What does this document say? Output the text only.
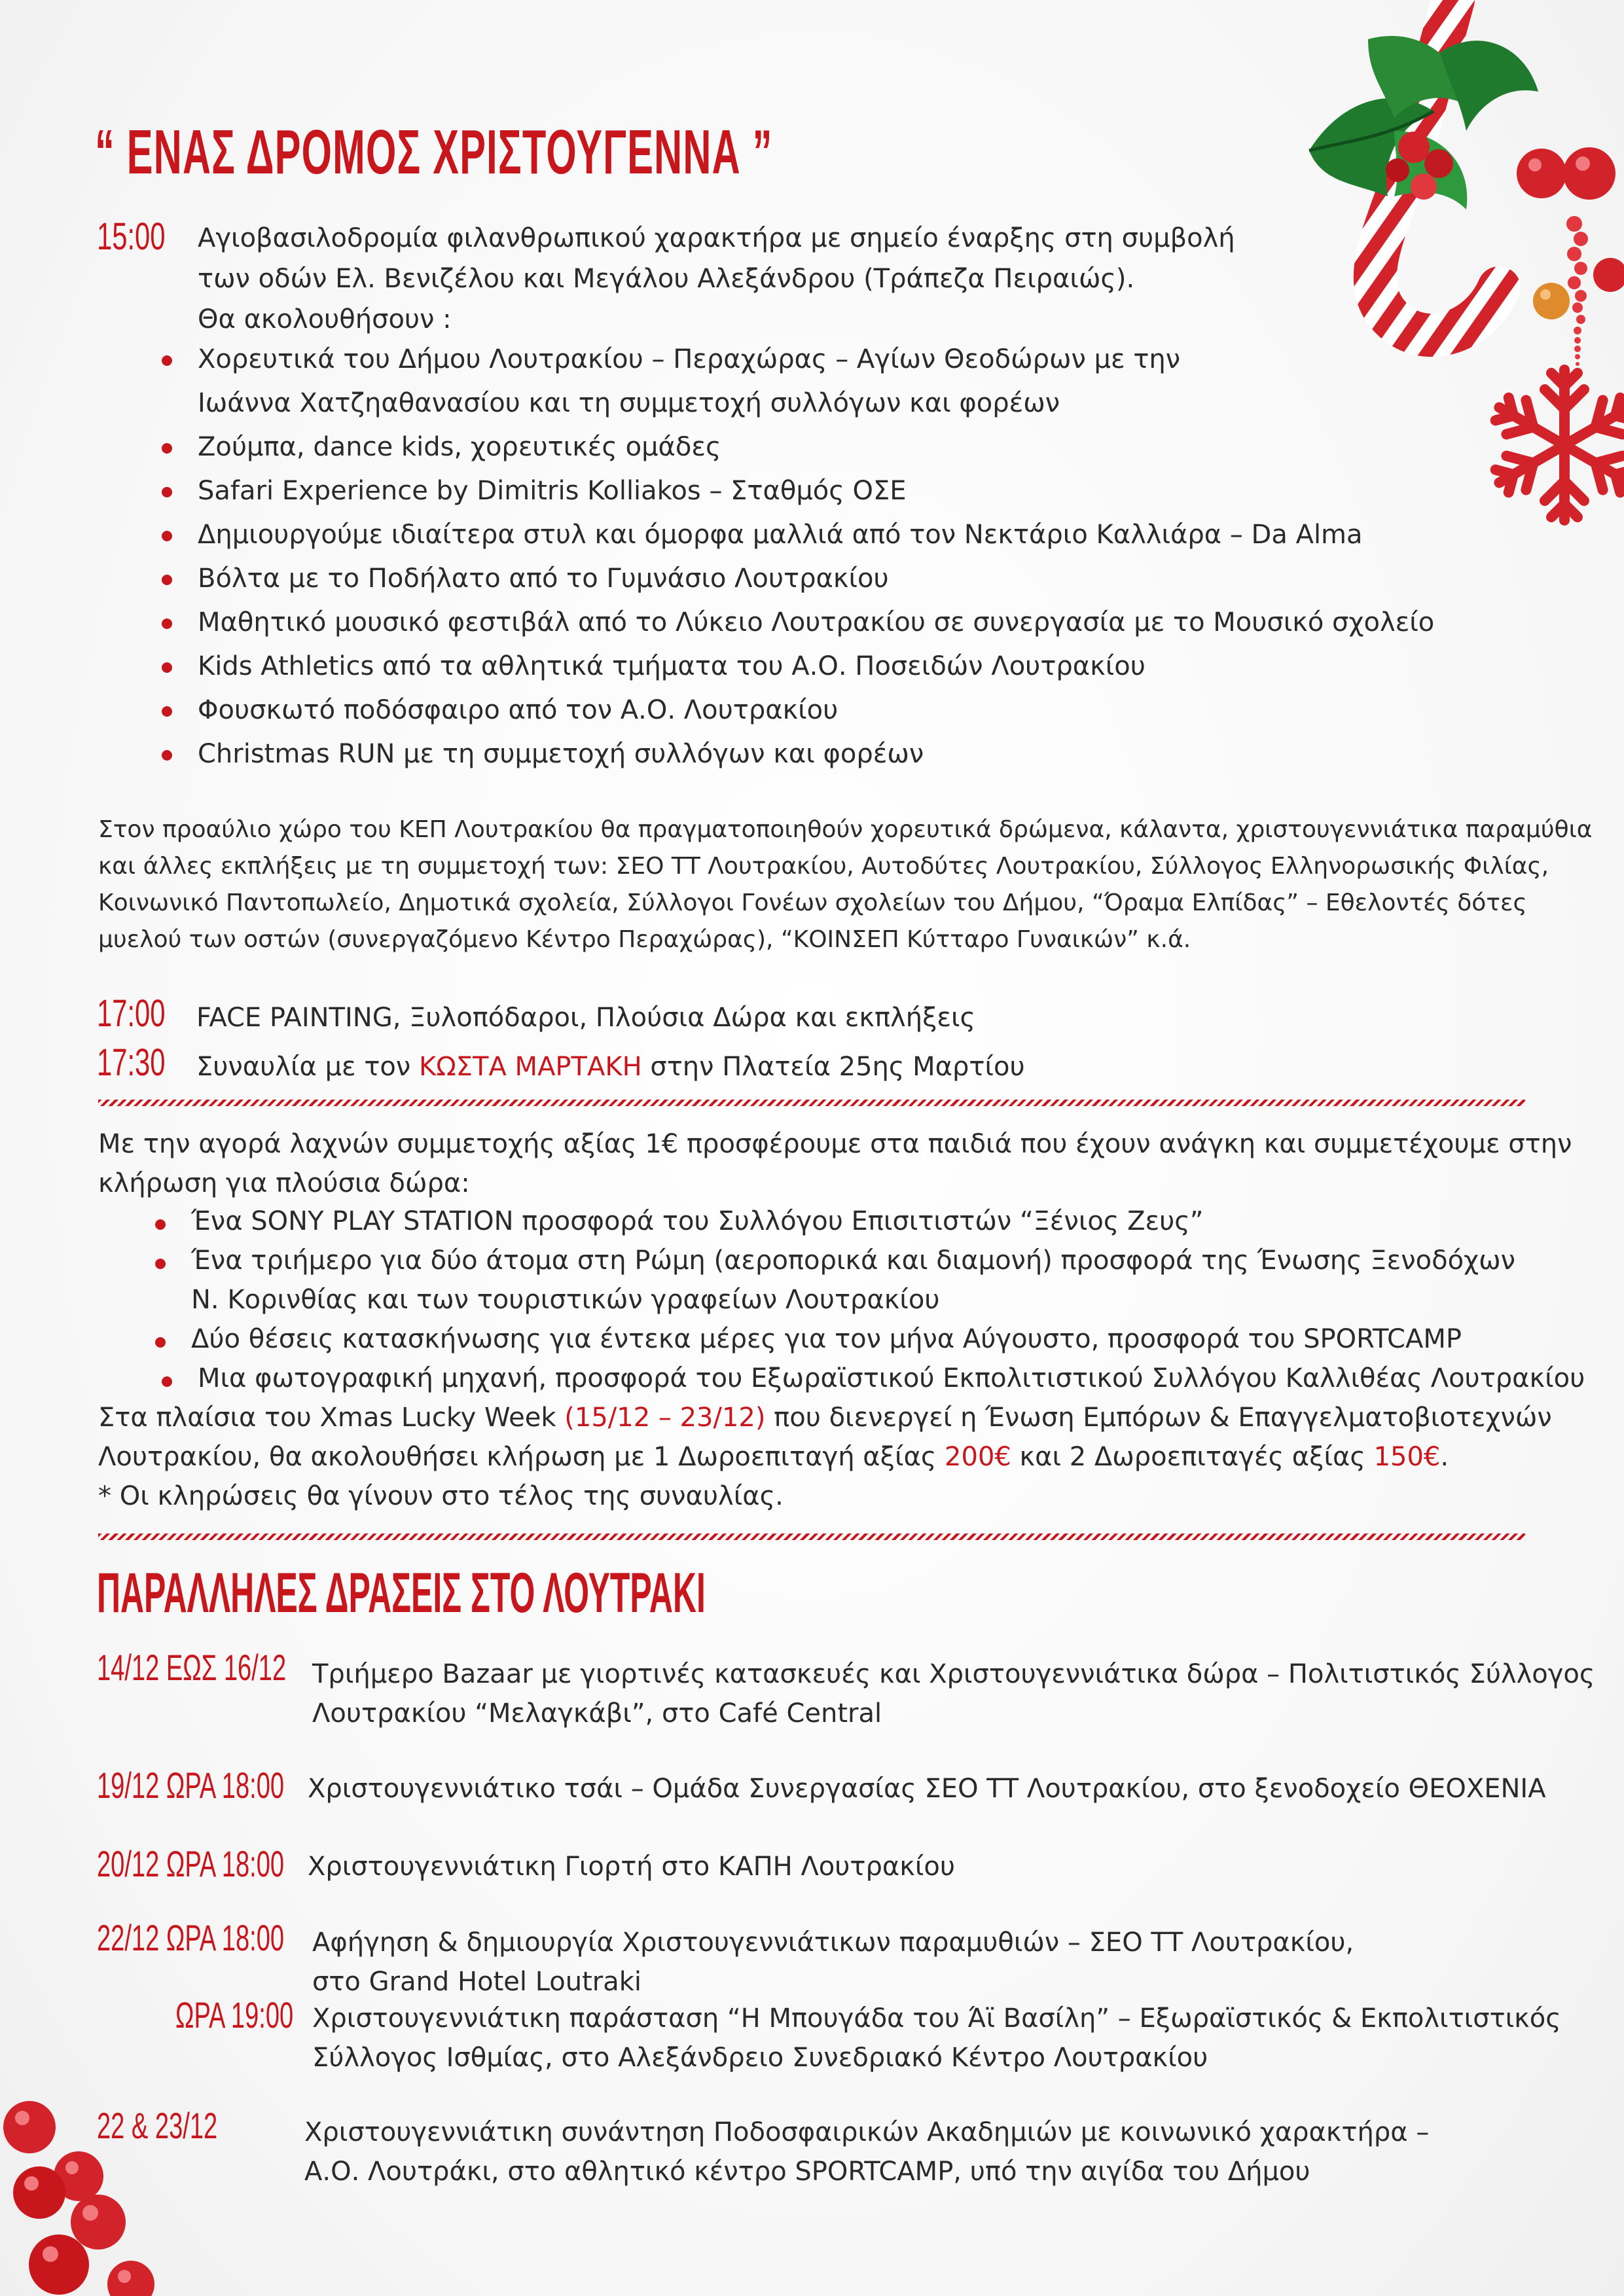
“ ΕΝΑΣ ΔΡΟΜΟΣ ΧΡΙΣΤΟΥΓΕΝΝΑ ”
15:00 Αγιοβασιλοδρομία φιλανθρωπικού χαρακτήρα με σημείο έναρξης στη συμβολή
των οδών Ελ. Βενιζέλου και Μεγάλου Αλεξάνδρου (Τράπεζα Πειραιώς).
Θα ακολουθήσουν :
Χορευτικά του Δήμου Λουτρακίου – Περαχώρας – Αγίων Θεοδώρων με την
Ιωάννα Χατζηαθανασίου και τη συμμετοχή συλλόγων και φορέων
Ζούμπα, dance kids, χορευτικές ομάδες
Safari Experience by Dimitris Kolliakos – Σταθμός ΟΣΕ
Δημιουργούμε ιδιαίτερα στυλ και όμορφα μαλλιά από τον Νεκτάριο Καλλιάρα – Da Alma
Βόλτα με το Ποδήλατο από το Γυμνάσιο Λουτρακίου
Μαθητικό μουσικό φεστιβάλ από το Λύκειο Λουτρακίου σε συνεργασία με το Μουσικό σχολείο
Kids Athletics από τα αθλητικά τμήματα του Α.Ο. Ποσειδών Λουτρακίου
Φουσκωτό ποδόσφαιρο από τον Α.Ο. Λουτρακίου
Christmas RUN με τη συμμετοχή συλλόγων και φορέων
Στον προαύλιο χώρο του ΚΕΠ Λουτρακίου θα πραγματοποιηθούν χορευτικά δρώμενα, κάλαντα, χριστουγεννιάτικα παραμύθια
και άλλες εκπλήξεις με τη συμμετοχή των: ΣΕΟ ΤΤ Λουτρακίου, Αυτοδύτες Λουτρακίου, Σύλλογος Ελληνορωσικής Φιλίας,
Κοινωνικό Παντοπωλείο, Δημοτικά σχολεία, Σύλλογοι Γονέων σχολείων του Δήμου, “Όραμα Ελπίδας” – Εθελοντές δότες
μυελού των οστών (συνεργαζόμενο Κέντρο Περαχώρας), “ΚΟΙΝΣΕΠ Κύτταρο Γυναικών” κ.ά.
17:00 FACE PAINTING, Ξυλοπόδαροι, Πλούσια Δώρα και εκπλήξεις
17:30 Συναυλία με τον ΚΩΣΤΑ ΜΑΡΤΑΚΗ στην Πλατεία 25ης Μαρτίου
Με την αγορά λαχνών συμμετοχής αξίας 1€ προσφέρουμε στα παιδιά που έχουν ανάγκη και συμμετέχουμε στην
κλήρωση για πλούσια δώρα:
Ένα SONY PLAY STATION προσφορά του Συλλόγου Επισιτιστών “Ξένιος Ζευς”
Ένα τριήμερο για δύο άτομα στη Ρώμη (αεροπορικά και διαμονή) προσφορά της Ένωσης Ξενοδόχων
Ν. Κορινθίας και των τουριστικών γραφείων Λουτρακίου
Δύο θέσεις κατασκήνωσης για έντεκα μέρες για τον μήνα Αύγουστο, προσφορά του SPORTCAMP
Μια φωτογραφική μηχανή, προσφορά του Εξωραϊστικού Εκπολιτιστικού Συλλόγου Καλλιθέας Λουτρακίου
Στα πλαίσια του Xmas Lucky Week (15/12 – 23/12) που διενεργεί η Ένωση Εμπόρων & Επαγγελματοβιοτεχνών
Λουτρακίου, θα ακολουθήσει κλήρωση με 1 Δωροεπιταγή αξίας 200€ και 2 Δωροεπιταγές αξίας 150€.
* Οι κληρώσεις θα γίνουν στο τέλος της συναυλίας.
ΠΑΡΑΛΛΗΛΕΣ ΔΡΑΣΕΙΣ ΣΤΟ ΛΟΥΤΡΑΚΙ
14/12 ΕΩΣ 16/12 Τριήμερο Bazaar με γιορτινές κατασκευές και Χριστουγεννιάτικα δώρα – Πολιτιστικός Σύλλογος
Λουτρακίου “Μελαγκάβι”, στο Café Central
19/12 ΩΡΑ 18:00 Χριστουγεννιάτικο τσάι – Ομάδα Συνεργασίας ΣΕΟ ΤΤ Λουτρακίου, στο ξενοδοχείο ΘΕΟΧΕΝΙΑ
20/12 ΩΡΑ 18:00 Χριστουγεννιάτικη Γιορτή στο ΚΑΠΗ Λουτρακίου
22/12 ΩΡΑ 18:00 Αφήγηση & δημιουργία Χριστουγεννιάτικων παραμυθιών – ΣΕΟ ΤΤ Λουτρακίου,
στο Grand Hotel Loutraki
ΩΡΑ 19:00 Χριστουγεννιάτικη παράσταση “Η Μπουγάδα του Άϊ Βασίλη” – Εξωραϊστικός & Εκπολιτιστικός
Σύλλογος Ισθμίας, στο Αλεξάνδρειο Συνεδριακό Κέντρο Λουτρακίου
22 & 23/12	Χριστουγεννιάτικη συνάντηση Ποδοσφαιρικών Ακαδημιών με κοινωνικό χαρακτήρα –
Α.Ο. Λουτράκι, στο αθλητικό κέντρο SPORTCAMP, υπό την αιγίδα του Δήμου
